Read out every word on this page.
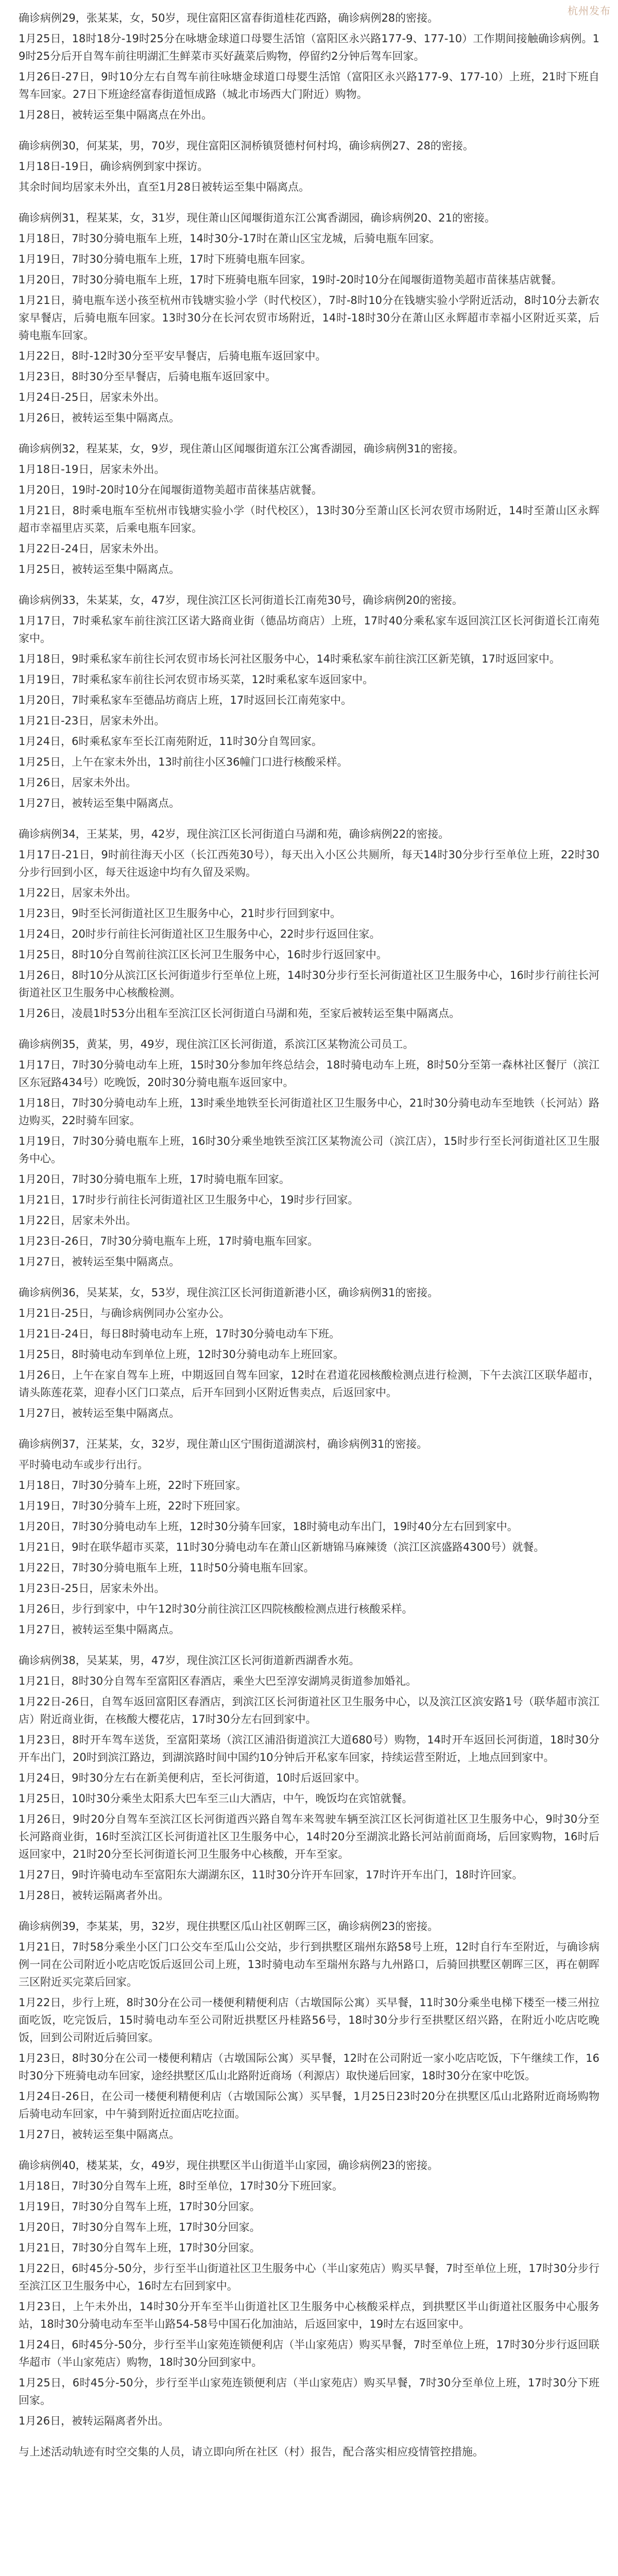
杭州发布

确诊病例29，张某某，女，50岁，现住富阳区富春街道桂花西路，确诊病例28的密接。

1月25日，18时18分-19时25分在咏塘金球道口母婴生活馆（富阳区永兴路177-9、177-10）工作期间接触确诊病例。19时25分后开自驾车前往明湖汇生鲜菜市买好蔬菜后购物，停留约2分钟后驾车回家。

1月26日-27日，9时10分左右自驾车前往咏塘金球道口母婴生活馆（富阳区永兴路177-9、177-10）上班，21时下班自驾车回家。27日下班途经富春街道恒成路（城北市场西大门附近）购物。

1月28日，被转运至集中隔离点在外出。

确诊病例30，何某某，男，70岁，现住富阳区洞桥镇贤德村何村坞，确诊病例27、28的密接。

1月18日-19日，确诊病例到家中探访。

其余时间均居家未外出，直至1月28日被转运至集中隔离点。

确诊病例31，程某某，女，31岁，现住萧山区闻堰街道东江公寓香湖园，确诊病例20、21的密接。

1月18日，7时30分骑电瓶车上班，14时30分-17时在萧山区宝龙城，后骑电瓶车回家。

1月19日，7时30分骑电瓶车上班，17时下班骑电瓶车回家。

1月20日，7时30分骑电瓶车上班，17时下班骑电瓶车回家，19时-20时10分在闻堰街道物美超市苗徕基店就餐。

1月21日，骑电瓶车送小孩至杭州市钱塘实验小学（时代校区），7时-8时10分在钱塘实验小学附近活动，8时10分去新农家早餐店，后骑电瓶车回家。13时30分在长河农贸市场附近，14时-18时30分在萧山区永辉超市幸福小区附近买菜，后骑电瓶车回家。

1月22日，8时-12时30分至平安早餐店，后骑电瓶车返回家中。

1月23日，8时30分至早餐店，后骑电瓶车返回家中。

1月24日-25日，居家未外出。

1月26日，被转运至集中隔离点。

确诊病例32，程某某，女，9岁，现住萧山区闻堰街道东江公寓香湖园，确诊病例31的密接。

1月18日-19日，居家未外出。

1月20日，19时-20时10分在闻堰街道物美超市苗徕基店就餐。

1月21日，8时乘电瓶车至杭州市钱塘实验小学（时代校区），13时30分至萧山区长河农贸市场附近，14时至萧山区永辉超市幸福里店买菜，后乘电瓶车回家。

1月22日-24日，居家未外出。

1月25日，被转运至集中隔离点。

确诊病例33，朱某某，女，47岁，现住滨江区长河街道长江南苑30号，确诊病例20的密接。

1月17日，7时乘私家车前往滨江区诺大路商业街（德品坊商店）上班，17时40分乘私家车返回滨江区长河街道长江南苑家中。

1月18日，9时乘私家车前往长河农贸市场长河社区服务中心，14时乘私家车前往滨江区新芜镇，17时返回家中。

1月19日，7时乘私家车前往长河农贸市场买菜，12时乘私家车返回家中。

1月20日，7时乘私家车至德品坊商店上班，17时返回长江南苑家中。

1月21日-23日，居家未外出。

1月24日，6时乘私家车至长江南苑附近，11时30分自驾回家。

1月25日，上午在家未外出，13时前往小区36幢门口进行核酸采样。

1月26日，居家未外出。

1月27日，被转运至集中隔离点。

确诊病例34，王某某，男，42岁，现住滨江区长河街道白马湖和苑，确诊病例22的密接。

1月17日-21日，9时前往海天小区（长江西苑30号），每天出入小区公共厕所，每天14时30分步行至单位上班，22时30分步行回到小区，每天往返途中均有久留及采购。

1月22日，居家未外出。

1月23日，9时至长河街道社区卫生服务中心，21时步行回到家中。

1月24日，20时步行前往长河街道社区卫生服务中心，22时步行返回住家。

1月25日，8时10分自驾前往滨江区长河卫生服务中心，16时步行返回家中。

1月26日，8时10分从滨江区长河街道步行至单位上班，14时30分步行至长河街道社区卫生服务中心，16时步行前往长河街道社区卫生服务中心核酸检测。

1月26日，凌晨1时53分出租车至滨江区长河街道白马湖和苑，至家后被转运至集中隔离点。

确诊病例35，黄某，男，49岁，现住滨江区长河街道，系滨江区某物流公司员工。

1月17日，7时30分骑电动车上班，15时30分参加年终总结会，18时骑电动车上班，8时50分至第一森林社区餐厅（滨江区东冠路434号）吃晚饭，20时30分骑电瓶车返回家中。

1月18日，7时30分骑电动车上班，13时乘坐地铁至长河街道社区卫生服务中心，21时30分骑电动车至地铁（长河站）路边购买，22时骑车回家。

1月19日，7时30分骑电瓶车上班，16时30分乘坐地铁至滨江区某物流公司（滨江店），15时步行至长河街道社区卫生服务中心。

1月20日，7时30分骑电瓶车上班，17时骑电瓶车回家。

1月21日，17时步行前往长河街道社区卫生服务中心，19时步行回家。

1月22日，居家未外出。

1月23日-26日，7时30分骑电瓶车上班，17时骑电瓶车回家。

1月27日，被转运至集中隔离点。

确诊病例36，吴某某，女，53岁，现住滨江区长河街道新港小区，确诊病例31的密接。

1月21日-25日，与确诊病例同办公室办公。

1月21日-24日，每日8时骑电动车上班，17时30分骑电动车下班。

1月25日，8时骑电动车到单位上班，12时30分骑电动车上班回家。

1月26日，上午在家自驾车上班，中期返回自驾车回家，12时在君道花园核酸检测点进行检测，下午去滨江区联华超市，请头陈莲花菜，迎春小区门口菜点，后开车回到小区附近售卖点，后返回家中。

1月27日，被转运至集中隔离点。

确诊病例37，汪某某，女，32岁，现住萧山区宁围街道湖滨村，确诊病例31的密接。

平时骑电动车或步行出行。

1月18日，7时30分骑车上班，22时下班回家。

1月19日，7时30分骑车上班，22时下班回家。

1月20日，7时30分骑电动车上班，12时30分骑车回家，18时骑电动车出门，19时40分左右回到家中。

1月21日，9时在联华超市买菜，11时30分骑电动车在萧山区新塘锦马麻辣烫（滨江区滨盛路4300号）就餐。

1月22日，7时30分骑电瓶车上班，11时50分骑电瓶车回家。

1月23日-25日，居家未外出。

1月26日，步行到家中，中午12时30分前往滨江区四院核酸检测点进行核酸采样。

1月27日，被转运至集中隔离点。

确诊病例38，吴某某，男，47岁，现住滨江区长河街道新西湖香水苑。

1月21日，8时30分自驾车至富阳区春酒店，乘坐大巴至淳安湖鸠灵街道参加婚礼。

1月22日-26日，自驾车返回富阳区春酒店，到滨江区长河街道社区卫生服务中心，以及滨江区滨安路1号（联华超市滨江店）附近商业街，在核酸大樱花店，17时30分左右回到家中。

1月23日，8时开车驾车送货，至富阳菜场（滨江区浦沿街道滨江大道680号）购物，14时开车返回长河街道，18时30分开车出门，20时到滨江路边，到湖滨路时间中国约10分钟后开私家车回家，持续运营至附近，上地点回到家中。

1月24日，9时30分左右在新美便利店，至长河街道，10时后返回家中。

1月25日，10时30分乘坐太阳系大巴车至三山大酒店，中午，晚饭均在宾馆就餐。

1月26日，9时20分自驾车至滨江区长河街道西兴路自驾车来驾驶车辆至滨江区长河街道社区卫生服务中心，9时30分至长河路商业街，16时至滨江区长河街道社区卫生服务中心，14时20分至湖滨北路长河站前面商场，后回家购物，16时后返回家中，21时20分至长河街道长河卫生服务中心核酸，开车至家。

1月27日，9时许骑电动车至富阳东大湖湖东区，11时30分许开车回家，17时许开车出门，18时许回家。

1月28日，被转运隔离者外出。

确诊病例39，李某某，男，32岁，现住拱墅区瓜山社区朝晖三区，确诊病例23的密接。

1月21日，7时58分乘坐小区门口公交车至瓜山公交站，步行到拱墅区瑞州东路58号上班，12时自行车至附近，与确诊病例一同在公司附近小吃店吃饭后返回公司上班，13时骑电动车至瑞州东路与九州路口，后骑回拱墅区朝晖三区，再在朝晖三区附近买完菜后回家。

1月22日，步行上班，8时30分在公司一楼便利精便利店（古墩国际公寓）买早餐，11时30分乘坐电梯下楼至一楼三州拉面吃饭，吃完饭后，15时骑电动车至公司附近拱墅区丹桂路56号，18时30分步行至拱墅区绍兴路，在附近小吃店吃晚饭，回到公司附近后骑回家。

1月23日，8时30分在公司一楼便利精店（古墩国际公寓）买早餐，12时在公司附近一家小吃店吃饭，下午继续工作，16时30分下班骑电动车回家，途经拱墅区瓜山北路附近商场（利源店）取快递后回家，18时30分在家中吃饭。

1月24日-26日，在公司一楼便利精便利店（古墩国际公寓）买早餐，1月25日23时20分在拱墅区瓜山北路附近商场购物后骑电动车回家，中午骑到附近拉面店吃拉面。

1月27日，被转运至集中隔离点。

确诊病例40，楼某某，女，49岁，现住拱墅区半山街道半山家园，确诊病例23的密接。

1月18日，7时30分自驾车上班，8时至单位，17时30分下班回家。

1月19日，7时30分自驾车上班，17时30分回家。

1月20日，7时30分自驾车上班，17时30分回家。

1月21日，7时30分自驾车上班，17时30分回家。

1月22日，6时45分-50分，步行至半山街道社区卫生服务中心（半山家苑店）购买早餐，7时至单位上班，17时30分步行至滨江区卫生服务中心，16时左右回到家中。

1月23日，上午未外出，14时30分开车至半山街道社区卫生服务中心核酸采样点，到拱墅区半山街道社区服务中心服务站，18时30分骑电动车至半山路54-58号中国石化加油站，后返回家中，19时左右返回家中。

1月24日，6时45分-50分，步行至半山家苑连锁便利店（半山家苑店）购买早餐，7时至单位上班，17时30分步行返回联华超市（半山家苑店）购物，18时30分回到家中。

1月25日，6时45分-50分，步行至半山家苑连锁便利店（半山家苑店）购买早餐，7时30分至单位上班，17时30分下班回家。

1月26日，被转运隔离者外出。

与上述活动轨迹有时空交集的人员，请立即向所在社区（村）报告，配合落实相应疫情管控措施。
